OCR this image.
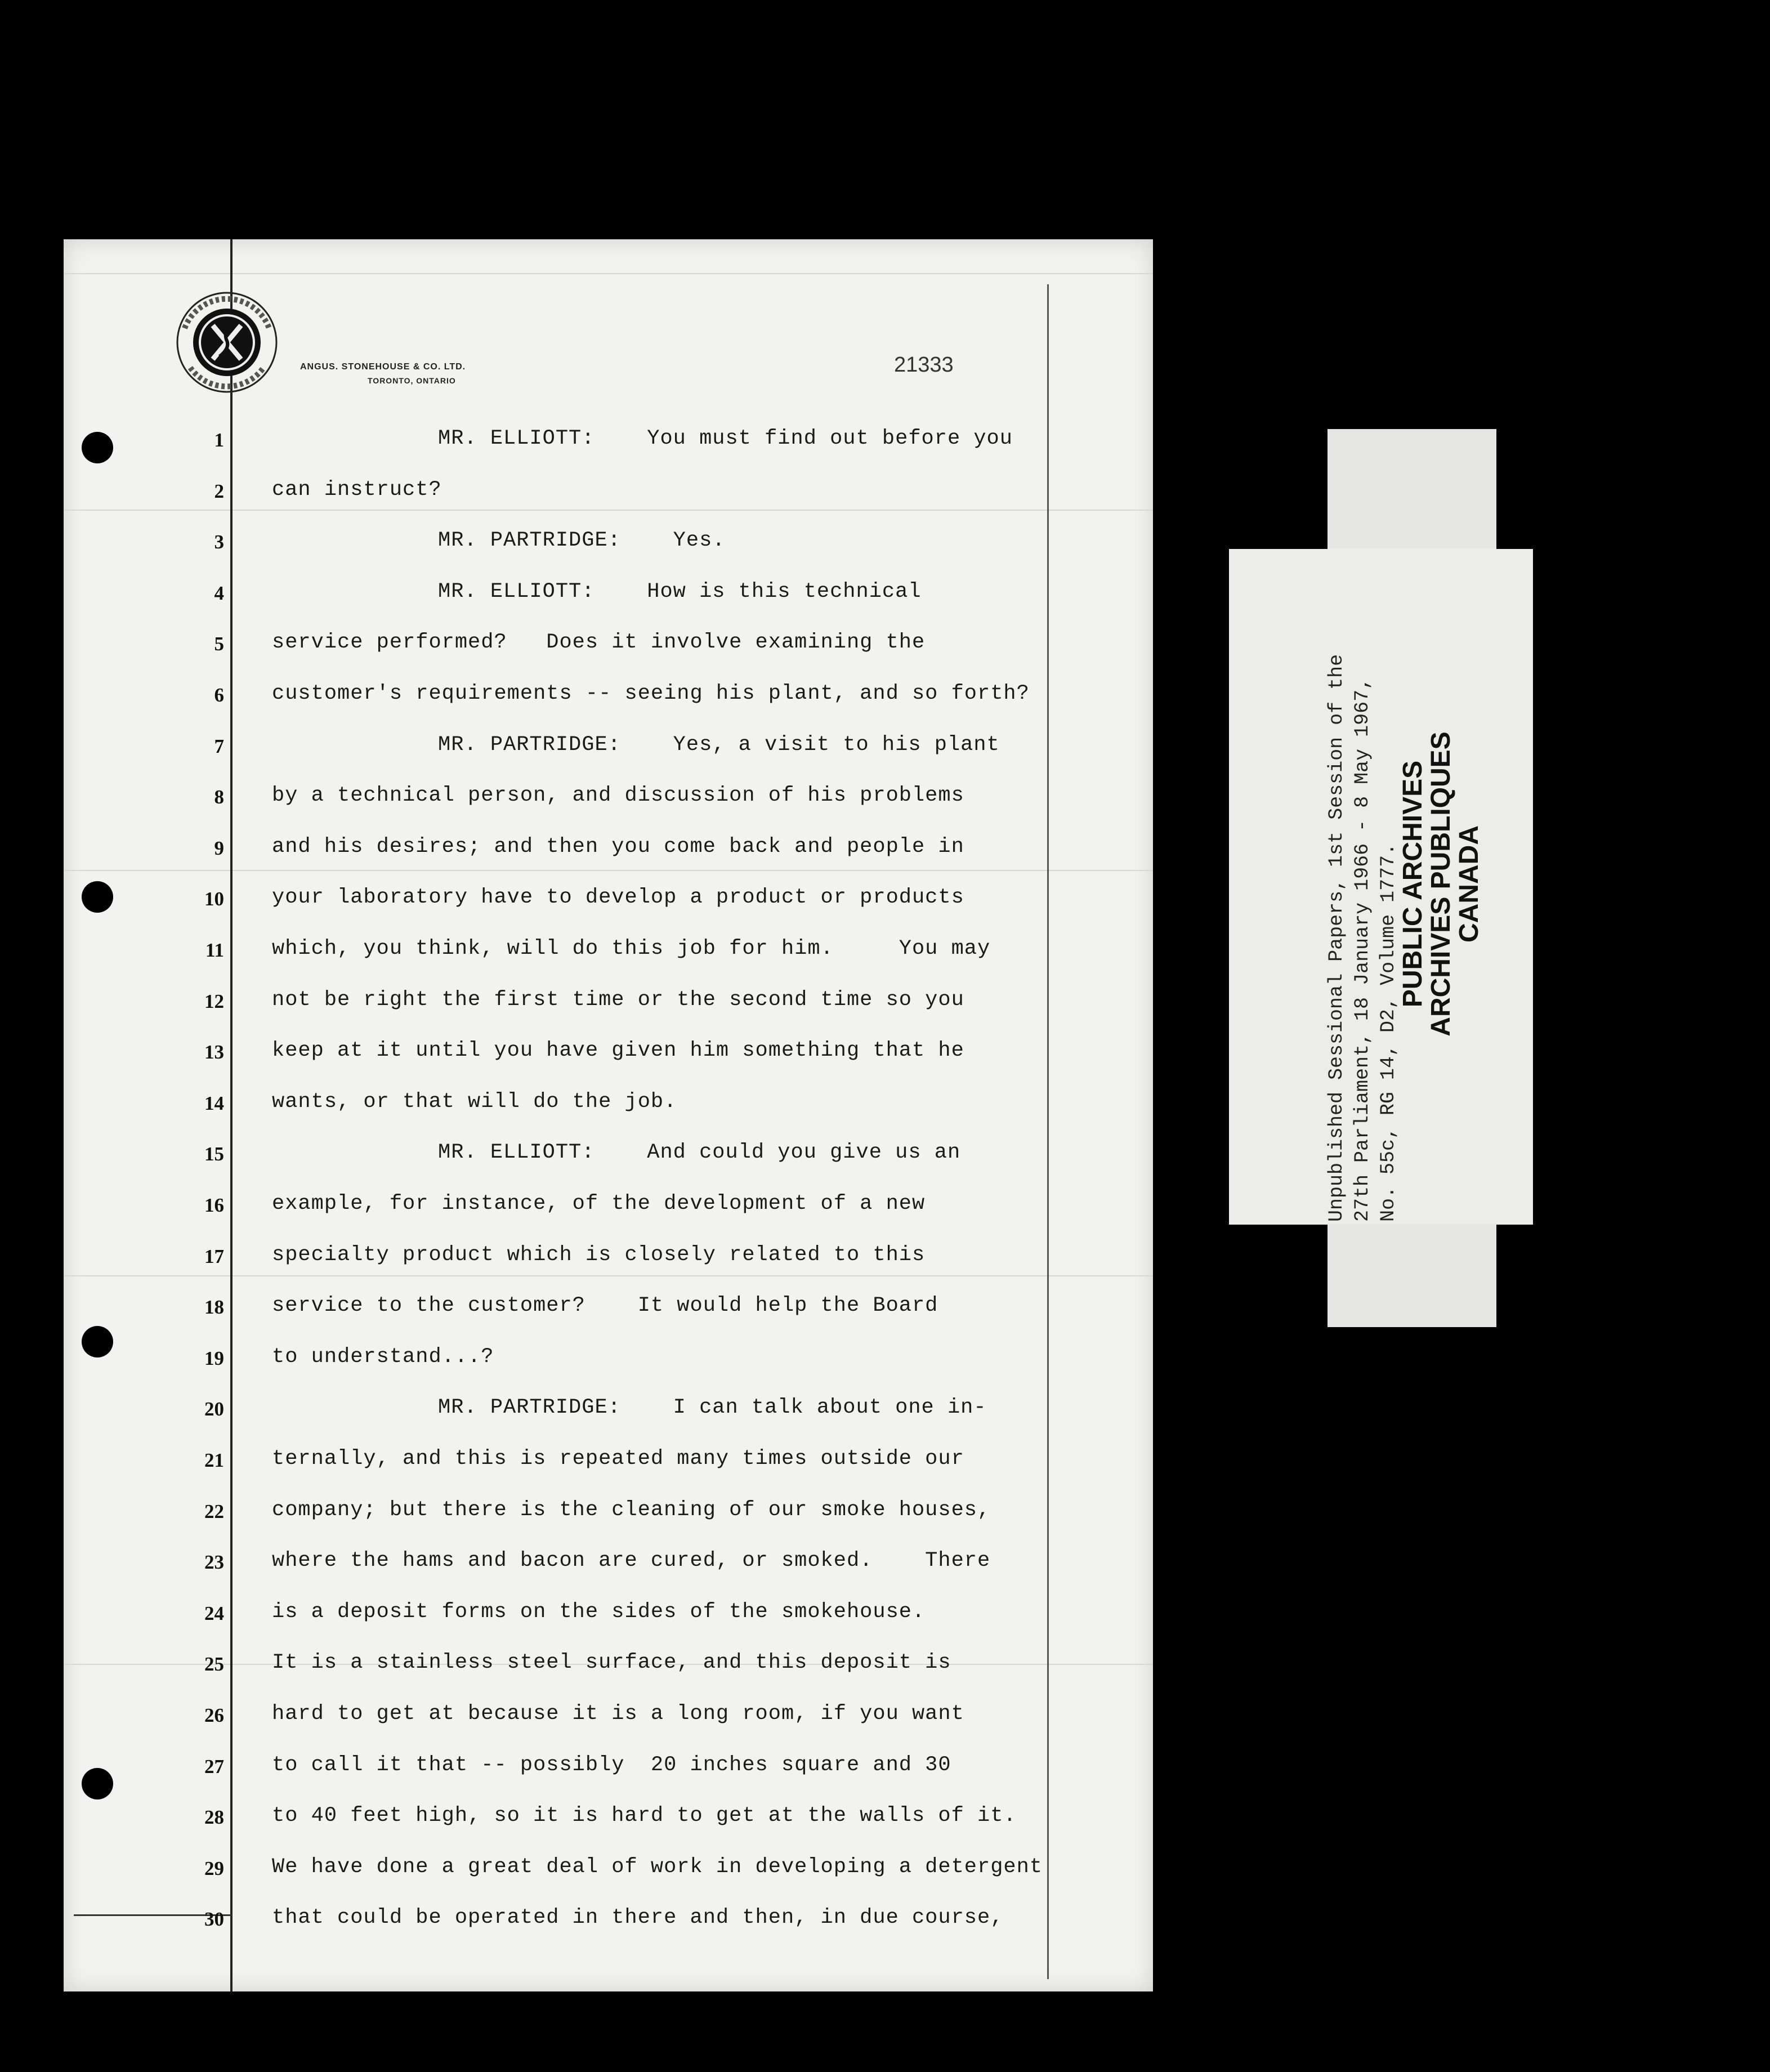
ANGUS. STONEHOUSE & CO. LTD.
TORONTO, ONTARIO
21333
1	MR. ELLIOTT:    You must find out before you
2 can instruct?
3	MR. PARTRIDGE:    Yes.
4	MR. ELLIOTT:    How is this technical
5 service performed?   Does it involve examining the
6 customer's requirements -- seeing his plant, and so forth?
7	MR. PARTRIDGE:    Yes, a visit to his plant
8 by a technical person, and discussion of his problems
9 and his desires; and then you come back and people in
10 your laboratory have to develop a product or products
11 which, you think, will do this job for him.     You may
12 not be right the first time or the second time so you
13 keep at it until you have given him something that he
14 wants, or that will do the job.
15	MR. ELLIOTT:    And could you give us an
16 example, for instance, of the development of a new
17 specialty product which is closely related to this
18 service to the customer?    It would help the Board
19 to understand...?
20	MR. PARTRIDGE:    I can talk about one in-
21 ternally, and this is repeated many times outside our
22 company; but there is the cleaning of our smoke houses,
23 where the hams and bacon are cured, or smoked.    There
24 is a deposit forms on the sides of the smokehouse.
25 It is a stainless steel surface, and this deposit is
26 hard to get at because it is a long room, if you want
27 to call it that -- possibly  20 inches square and 30
28 to 40 feet high, so it is hard to get at the walls of it.
29 We have done a great deal of work in developing a detergent
30 that could be operated in there and then, in due course,
Unpublished Sessional Papers, 1st Session of the 27th Parliament, 18 January 1966 - 8 May 1967, No. 55c, RG 14, D2, Volume 1777.
PUBLIC ARCHIVES
ARCHIVES PUBLIQUES
CANADA
